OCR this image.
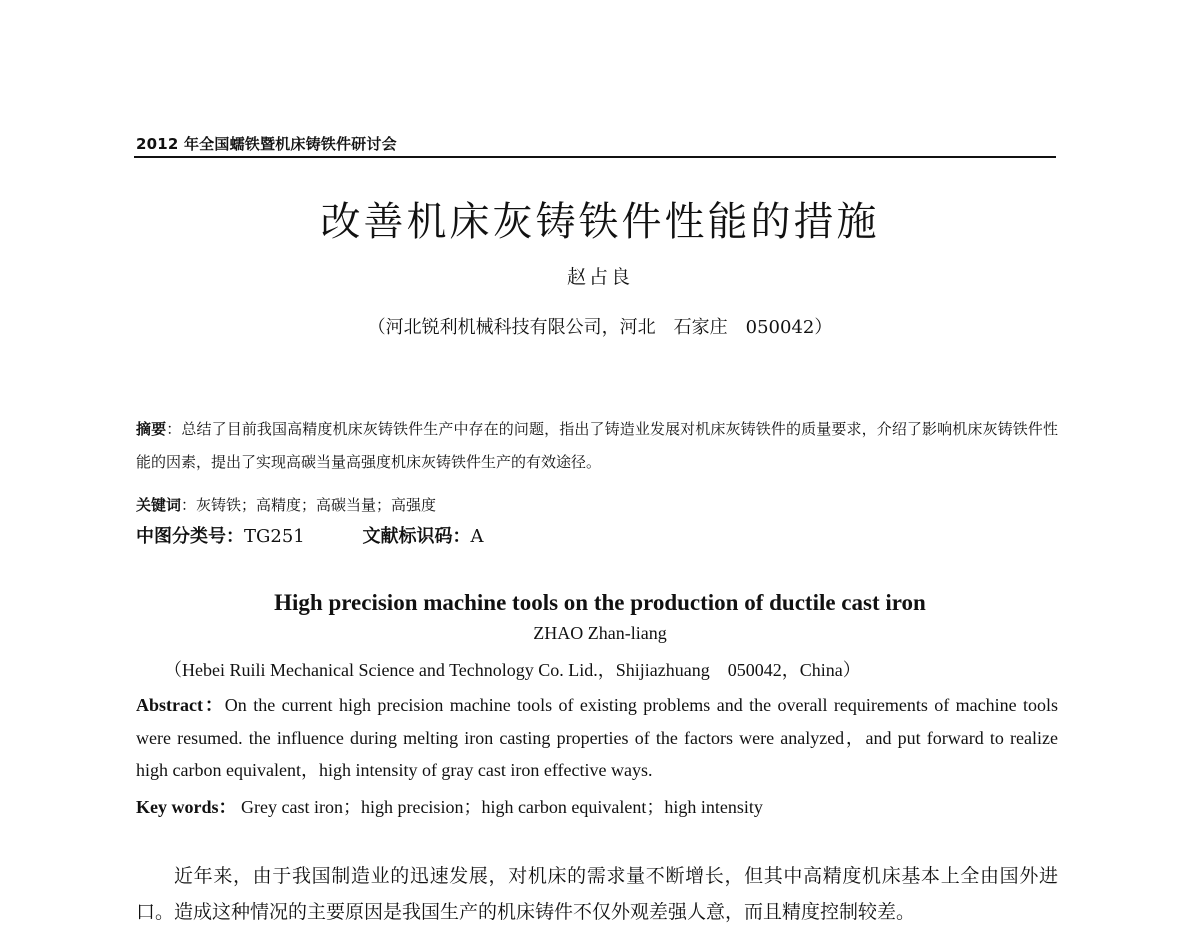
2012 年全国蠕铁暨机床铸铁件研讨会
改善机床灰铸铁件性能的措施
赵占良
（河北锐利机械科技有限公司，河北　石家庄　050042）
摘要：总结了目前我国高精度机床灰铸铁件生产中存在的问题，指出了铸造业发展对机床灰铸铁件的质量要求，介绍了影响机床灰铸铁件性能的因素，提出了实现高碳当量高强度机床灰铸铁件生产的有效途径。
关键词：灰铸铁；高精度；高碳当量；高强度
中图分类号：TG251	文献标识码：A
High precision machine tools on the production of ductile cast iron
ZHAO Zhan-liang
（Hebei Ruili Mechanical Science and Technology Co. Lid.，Shijiazhuang　050042，China）
Abstract：On the current high precision machine tools of existing problems and the overall requirements of machine tools were resumed. the influence during melting iron casting properties of the factors were analyzed，and put forward to realize high carbon equivalent，high intensity of gray cast iron effective ways.
Key words： Grey cast iron；high precision；high carbon equivalent；high intensity
近年来，由于我国制造业的迅速发展，对机床的需求量不断增长，但其中高精度机床基本上全由国外进口。造成这种情况的主要原因是我国生产的机床铸件不仅外观差强人意，而且精度控制较差。
